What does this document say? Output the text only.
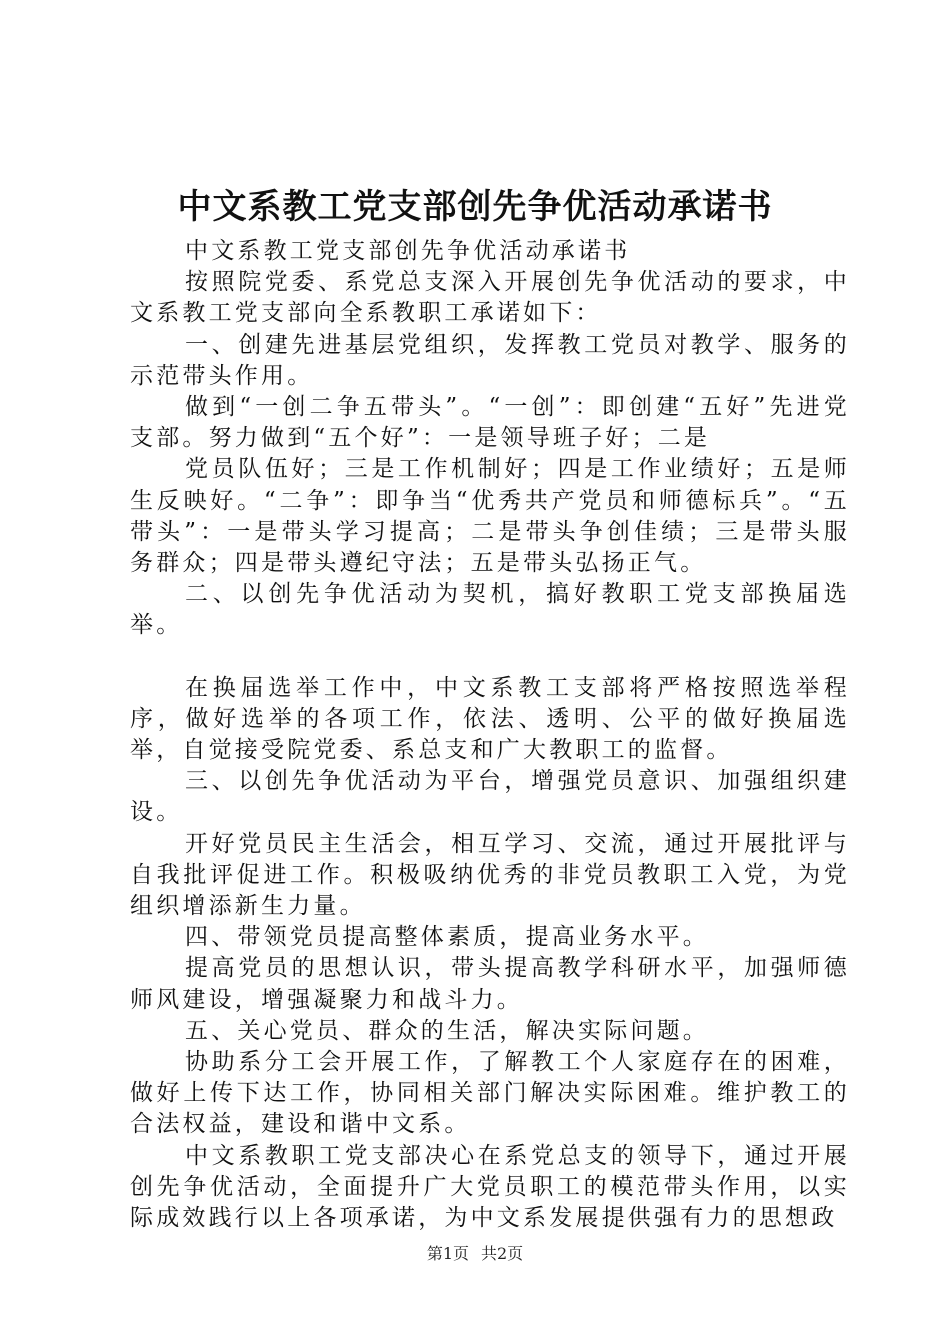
中文系教工党支部创先争优活动承诺书

中文系教工党支部创先争优活动承诺书

按照院党委、系党总支深入开展创先争优活动的要求，中文系教工党支部向全系教职工承诺如下：

一、创建先进基层党组织，发挥教工党员对教学、服务的示范带头作用。

做到“一创二争五带头”。“一创”：即创建“五好”先进党支部。努力做到“五个好”：一是领导班子好；二是

党员队伍好；三是工作机制好；四是工作业绩好；五是师生反映好。“二争”：即争当“优秀共产党员和师德标兵”。“五带头”：一是带头学习提高；二是带头争创佳绩；三是带头服务群众；四是带头遵纪守法；五是带头弘扬正气。

二、以创先争优活动为契机，搞好教职工党支部换届选举。

在换届选举工作中，中文系教工支部将严格按照选举程序，做好选举的各项工作，依法、透明、公平的做好换届选举，自觉接受院党委、系总支和广大教职工的监督。

三、以创先争优活动为平台，增强党员意识、加强组织建设。

开好党员民主生活会，相互学习、交流，通过开展批评与自我批评促进工作。积极吸纳优秀的非党员教职工入党，为党组织增添新生力量。

四、带领党员提高整体素质，提高业务水平。

提高党员的思想认识，带头提高教学科研水平，加强师德师风建设，增强凝聚力和战斗力。

五、关心党员、群众的生活，解决实际问题。

协助系分工会开展工作，了解教工个人家庭存在的困难，做好上传下达工作，协同相关部门解决实际困难。维护教工的合法权益，建设和谐中文系。

中文系教职工党支部决心在系党总支的领导下，通过开展创先争优活动，全面提升广大党员职工的模范带头作用，以实际成效践行以上各项承诺，为中文系发展提供强有力的思想政

第1页 共2页
